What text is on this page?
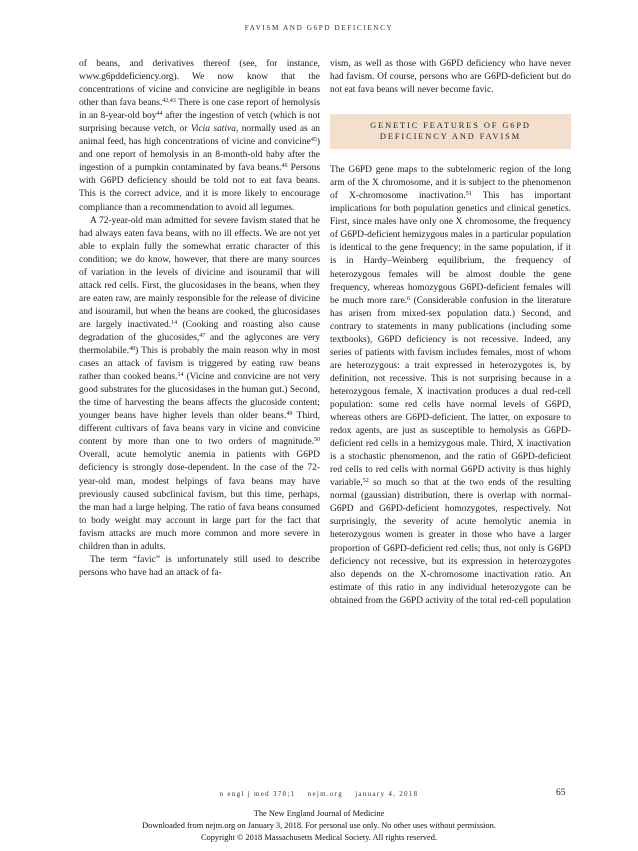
FAVISM AND G6PD DEFICIENCY

of beans, and derivatives thereof (see, for instance, www.g6pddeficiency.org). We now know that the concentrations of vicine and convicine are negligible in beans other than fava beans.$^{42,43}$ There is one case report of hemolysis in an 8-year-old boy$^{44}$ after the ingestion of vetch (which is not surprising because vetch, or Vicia sativa, normally used as an animal feed, has high concentrations of vicine and convicine$^{45}$) and one report of hemolysis in an 8-month-old baby after the ingestion of a pumpkin contaminated by fava beans.$^{46}$ Persons with G6PD deficiency should be told not to eat fava beans. This is the correct advice, and it is more likely to encourage compliance than a recommendation to avoid all legumes.

A 72-year-old man admitted for severe favism stated that he had always eaten fava beans, with no ill effects. We are not yet able to explain fully the somewhat erratic character of this condition; we do know, however, that there are many sources of variation in the levels of divicine and isouramil that will attack red cells. First, the glucosidases in the beans, when they are eaten raw, are mainly responsible for the release of divicine and isouramil, but when the beans are cooked, the glucosidases are largely inactivated.$^{14}$ (Cooking and roasting also cause degradation of the glucosides,$^{47}$ and the aglycones are very thermolabile.$^{48}$) This is probably the main reason why in most cases an attack of favism is triggered by eating raw beans rather than cooked beans.$^{14}$ (Vicine and convicine are not very good substrates for the glucosidases in the human gut.) Second, the time of harvesting the beans affects the glucoside content; younger beans have higher levels than older beans.$^{49}$ Third, different cultivars of fava beans vary in vicine and convicine content by more than one to two orders of magnitude.$^{50}$ Overall, acute hemolytic anemia in patients with G6PD deficiency is strongly dose-dependent. In the case of the 72-year-old man, modest helpings of fava beans may have previously caused subclinical favism, but this time, perhaps, the man had a large helping. The ratio of fava beans consumed to body weight may account in large part for the fact that favism attacks are much more common and more severe in children than in adults.

The term “favic” is unfortunately still used to describe persons who have had an attack of fa-

vism, as well as those with G6PD deficiency who have never had favism. Of course, persons who are G6PD-deficient but do not eat fava beans will never become favic.

GENETIC FEATURES OF G6PD DEFICIENCY AND FAVISM

The G6PD gene maps to the subtelomeric region of the long arm of the X chromosome, and it is subject to the phenomenon of X-chromosome inactivation.$^{51}$ This has important implications for both population genetics and clinical genetics. First, since males have only one X chromosome, the frequency of G6PD-deficient hemizygous males in a particular population is identical to the gene frequency; in the same population, if it is in Hardy–Weinberg equilibrium, the frequency of heterozygous females will be almost double the gene frequency, whereas homozygous G6PD-deficient females will be much more rare.$^6$ (Considerable confusion in the literature has arisen from mixed-sex population data.) Second, and contrary to statements in many publications (including some textbooks), G6PD deficiency is not recessive. Indeed, any series of patients with favism includes females, most of whom are heterozygous: a trait expressed in heterozygotes is, by definition, not recessive. This is not surprising because in a heterozygous female, X inactivation produces a dual red-cell population: some red cells have normal levels of G6PD, whereas others are G6PD-deficient. The latter, on exposure to redox agents, are just as susceptible to hemolysis as G6PD-deficient red cells in a hemizygous male. Third, X inactivation is a stochastic phenomenon, and the ratio of G6PD-deficient red cells to red cells with normal G6PD activity is thus highly variable,$^{52}$ so much so that at the two ends of the resulting normal (gaussian) distribution, there is overlap with normal-G6PD and G6PD-deficient homozygotes, respectively. Not surprisingly, the severity of acute hemolytic anemia in heterozygous women is greater in those who have a larger proportion of G6PD-deficient red cells; thus, not only is G6PD deficiency not recessive, but its expression in heterozygotes also depends on the X-chromosome inactivation ratio. An estimate of this ratio in any individual heterozygote can be obtained from the G6PD activity of the total red-cell population

n engl j med 378;1    nejm.org    january 4, 2018	65
The New England Journal of Medicine
Downloaded from nejm.org on January 3, 2018. For personal use only. No other uses without permission.
Copyright © 2018 Massachusetts Medical Society. All rights reserved.
